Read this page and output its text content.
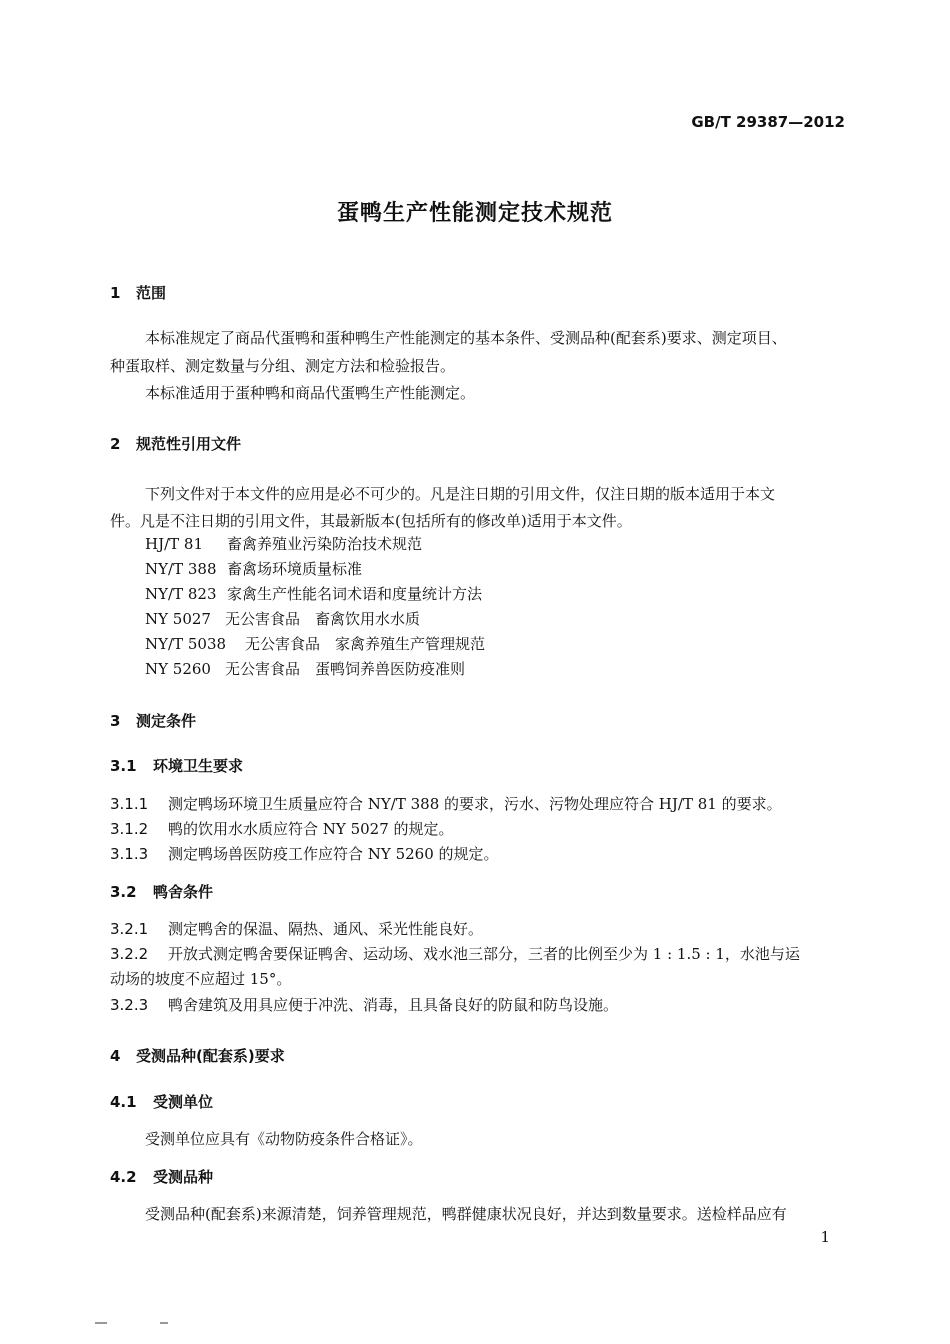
GB/T 29387—2012
蛋鸭生产性能测定技术规范
1 范围
本标准规定了商品代蛋鸭和蛋种鸭生产性能测定的基本条件、受测品种(配套系)要求、测定项目、
种蛋取样、测定数量与分组、测定方法和检验报告。
本标准适用于蛋种鸭和商品代蛋鸭生产性能测定。
2 规范性引用文件
下列文件对于本文件的应用是必不可少的。凡是注日期的引用文件，仅注日期的版本适用于本文
件。凡是不注日期的引用文件，其最新版本(包括所有的修改单)适用于本文件。
HJ/T 81 畜禽养殖业污染防治技术规范
NY/T 388 畜禽场环境质量标准
NY/T 823 家禽生产性能名词术语和度量统计方法
NY 5027 无公害食品　畜禽饮用水水质
NY/T 5038 无公害食品　家禽养殖生产管理规范
NY 5260 无公害食品　蛋鸭饲养兽医防疫准则
3 测定条件
3.1 环境卫生要求
3.1.1 测定鸭场环境卫生质量应符合 NY/T 388 的要求，污水、污物处理应符合 HJ/T 81 的要求。
3.1.2 鸭的饮用水水质应符合 NY 5027 的规定。
3.1.3 测定鸭场兽医防疫工作应符合 NY 5260 的规定。
3.2 鸭舍条件
3.2.1 测定鸭舍的保温、隔热、通风、采光性能良好。
3.2.2 开放式测定鸭舍要保证鸭舍、运动场、戏水池三部分，三者的比例至少为 1 : 1.5 : 1，水池与运
动场的坡度不应超过 15°。
3.2.3 鸭舍建筑及用具应便于冲洗、消毒，且具备良好的防鼠和防鸟设施。
4 受测品种(配套系)要求
4.1 受测单位
受测单位应具有《动物防疫条件合格证》。
4.2 受测品种
受测品种(配套系)来源清楚，饲养管理规范，鸭群健康状况良好，并达到数量要求。送检样品应有
1
